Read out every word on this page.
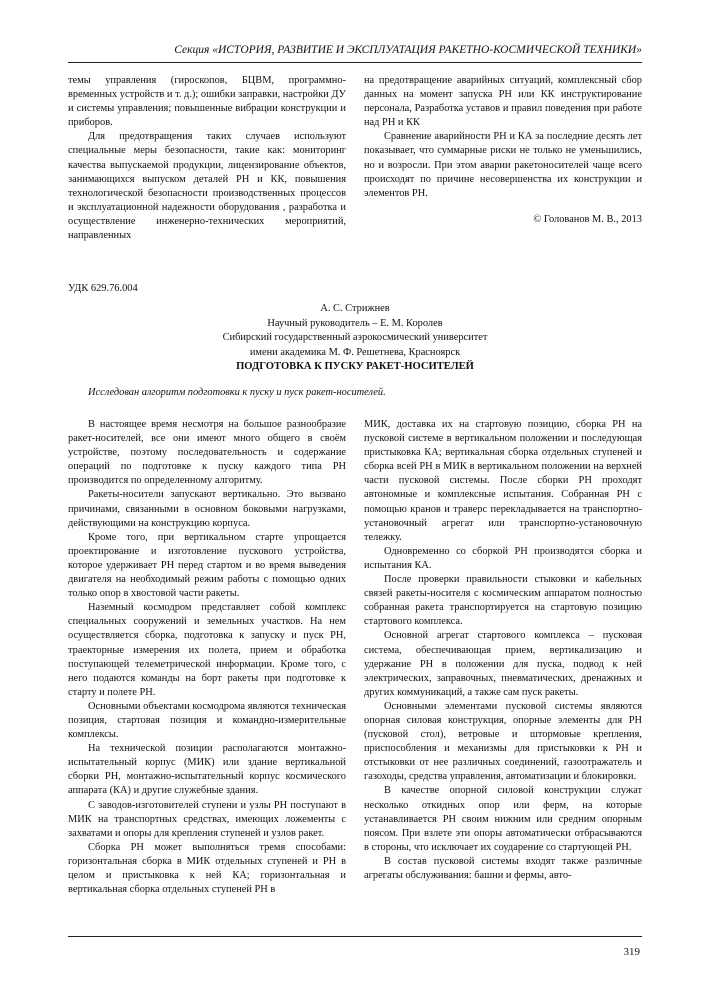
Секция «ИСТОРИЯ, РАЗВИТИЕ И ЭКСПЛУАТАЦИЯ РАКЕТНО-КОСМИЧЕСКОЙ ТЕХНИКИ»

темы управления (гироскопов, БЦВМ, программно-временных устройств и т. д.); ошибки заправки, настройки ДУ и системы управления; повышенные вибрации конструкции и приборов.

Для предотвращения таких случаев используют специальные меры безопасности, такие как: мониторинг качества выпускаемой продукции, лицензирование объектов, занимающихся выпуском деталей РН и КК, повышения технологической безопасности производственных процессов и эксплуатационной надежности оборудования , разработка и осуществление инженерно-технических мероприятий, направленных

на предотвращение аварийных ситуаций, комплексный сбор данных на момент запуска РН или КК инструктирование персонала, Разработка уставов и правил поведения при работе над РН и КК

Сравнение аварийности РН и КА за последние десять лет показывает, что суммарные риски не только не уменьшились, но и возросли. При этом аварии ракетоносителей чаще всего происходят по причине несовершенства их конструкции и элементов РН.

© Голованов М. В., 2013

УДК 629.76.004
А. С. Стрижнев
Научный руководитель – Е. М. Королев
Сибирский государственный аэрокосмический университет
имени академика М. Ф. Решетнева, Красноярск
ПОДГОТОВКА К ПУСКУ РАКЕТ-НОСИТЕЛЕЙ
Исследован алгоритм подготовки к пуску и пуск ракет-носителей.

В настоящее время несмотря на большое разнообразие ракет-носителей, все они имеют много общего в своём устройстве, поэтому последовательность и содержание операций по подготовке к пуску каждого типа РН производится по определенному алгоритму.

Ракеты-носители запускают вертикально. Это вызвано причинами, связанными в основном боковыми нагрузками, действующими на конструкцию корпуса.

Кроме того, при вертикальном старте упрощается проектирование и изготовление пускового устройства, которое удерживает РН перед стартом и во время выведения двигателя на необходимый режим работы с помощью одних только опор в хвостовой части ракеты.

Наземный космодром представляет собой комплекс специальных сооружений и земельных участков. На нем осуществляется сборка, подготовка к запуску и пуск РН, траекторные измерения их полета, прием и обработка поступающей телеметрической информации. Кроме того, с него подаются команды на борт ракеты при подготовке к старту и полете РН.

Основными объектами космодрома являются техническая позиция, стартовая позиция и командно-измерительные комплексы.

На технической позиции располагаются монтажно-испытательный корпус (МИК) или здание вертикальной сборки РН, монтажно-испытательный корпус космического аппарата (КА) и другие служебные здания.

С заводов-изготовителей ступени и узлы РН поступают в МИК на транспортных средствах, имеющих ложементы с захватами и опоры для крепления ступеней и узлов ракет.

Сборка РН может выполняться тремя способами: горизонтальная сборка в МИК отдельных ступеней и РН в целом и пристыковка к ней КА; горизонтальная и вертикальная сборка отдельных ступеней РН в

МИК, доставка их на стартовую позицию, сборка РН на пусковой системе в вертикальном положении и последующая пристыковка КА; вертикальная сборка отдельных ступеней и сборка всей РН в МИК в вертикальном положении на верхней части пусковой системы. После сборки РН проходят автономные и комплексные испытания. Собранная РН с помощью кранов и траверс перекладывается на транспортно-установочный агрегат или транспортно-установочную тележку.

Одновременно со сборкой РН производятся сборка и испытания КА.

После проверки правильности стыковки и кабельных связей ракеты-носителя с космическим аппаратом полностью собранная ракета транспортируется на стартовую позицию стартового комплекса.

Основной агрегат стартового комплекса – пусковая система, обеспечивающая прием, вертикализацию и удержание РН в положении для пуска, подвод к ней электрических, заправочных, пневматических, дренажных и других коммуникаций, а также сам пуск ракеты.

Основными элементами пусковой системы являются опорная силовая конструкция, опорные элементы для РН (пусковой стол), ветровые и штормовые крепления, приспособления и механизмы для пристыковки к РН и отстыковки от нее различных соединений, газоотражатель и газоходы, средства управления, автоматизации и блокировки.

В качестве опорной силовой конструкции служат несколько откидных опор или ферм, на которые устанавливается РН своим нижним или средним опорным поясом. При взлете эти опоры автоматически отбрасываются в стороны, что исключает их соударение со стартующей РН.

В состав пусковой системы входят также различные агрегаты обслуживания: башни и фермы, авто-

319
